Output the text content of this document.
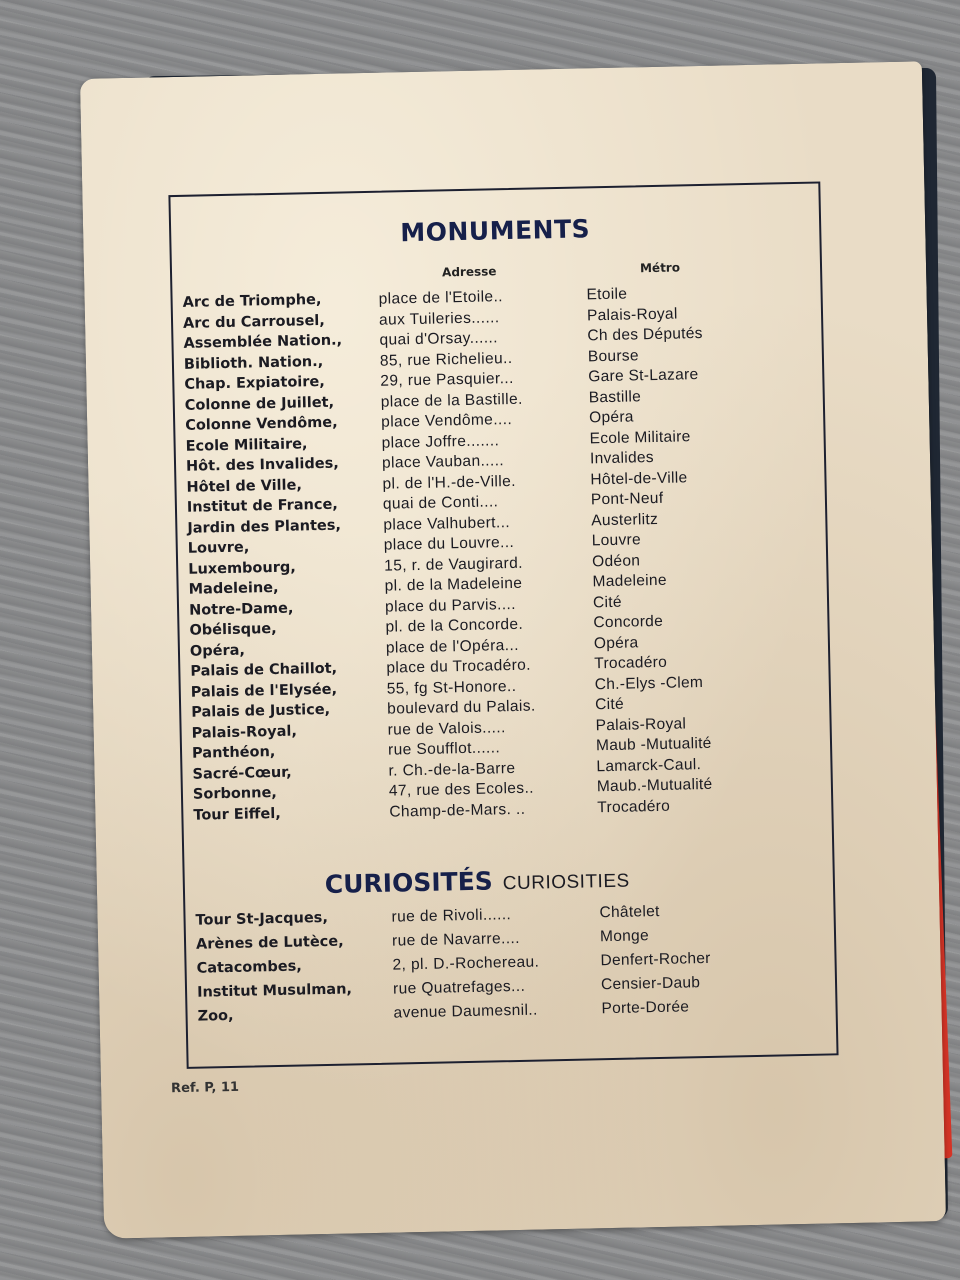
MONUMENTS
Adresse	Métro
Arc de Triomphe,	place de l'Etoile..	Etoile
Arc du Carrousel,	aux Tuileries......	Palais-Royal
Assemblée Nation., quai d'Orsay......	Ch des Députés
Biblioth. Nation.,	85, rue Richelieu..	Bourse
Chap. Expiatoire,	29, rue Pasquier...	Gare St-Lazare
Colonne de Juillet,	place de la Bastille.	Bastille
Colonne Vendôme,	place Vendôme....	Opéra
Ecole Militaire,	place Joffre.......	Ecole Militaire
Hôt. des Invalides,	place Vauban.....	Invalides
Hôtel de Ville,	pl. de l'H.-de-Ville.	Hôtel-de-Ville
Institut de France,	quai de Conti....	Pont-Neuf
Jardin des Plantes,	place Valhubert...	Austerlitz
Louvre,	place du Louvre...	Louvre
Luxembourg,	15, r. de Vaugirard.	Odéon
Madeleine,	pl. de la Madeleine	Madeleine
Notre-Dame,	place du Parvis....	Cité
Obélisque,	pl. de la Concorde.	Concorde
Opéra,	place de l'Opéra...	Opéra
Palais de Chaillot,	place du Trocadéro.	Trocadéro
Palais de l'Elysée,	55, fg St-Honore..	Ch.-Elys -Clem
Palais de Justice,	boulevard du Palais.	Cité
Palais-Royal,	rue de Valois.....	Palais-Royal
Panthéon,	rue Soufflot......	Maub -Mutualité
Sacré-Cœur,	r. Ch.-de-la-Barre	Lamarck-Caul.
Sorbonne,	47, rue des Ecoles..	Maub.-Mutualité
Tour Eiffel,	Champ-de-Mars. ..	Trocadéro
CURIOSITÉS CURIOSITIES
Tour St-Jacques,	rue de Rivoli......	Châtelet
Arènes de Lutèce,	rue de Navarre....	Monge
Catacombes,	2, pl. D.-Rochereau.	Denfert-Rocher
Institut Musulman,	rue Quatrefages...	Censier-Daub
Zoo,	avenue Daumesnil..	Porte-Dorée
Ref. P, 11
